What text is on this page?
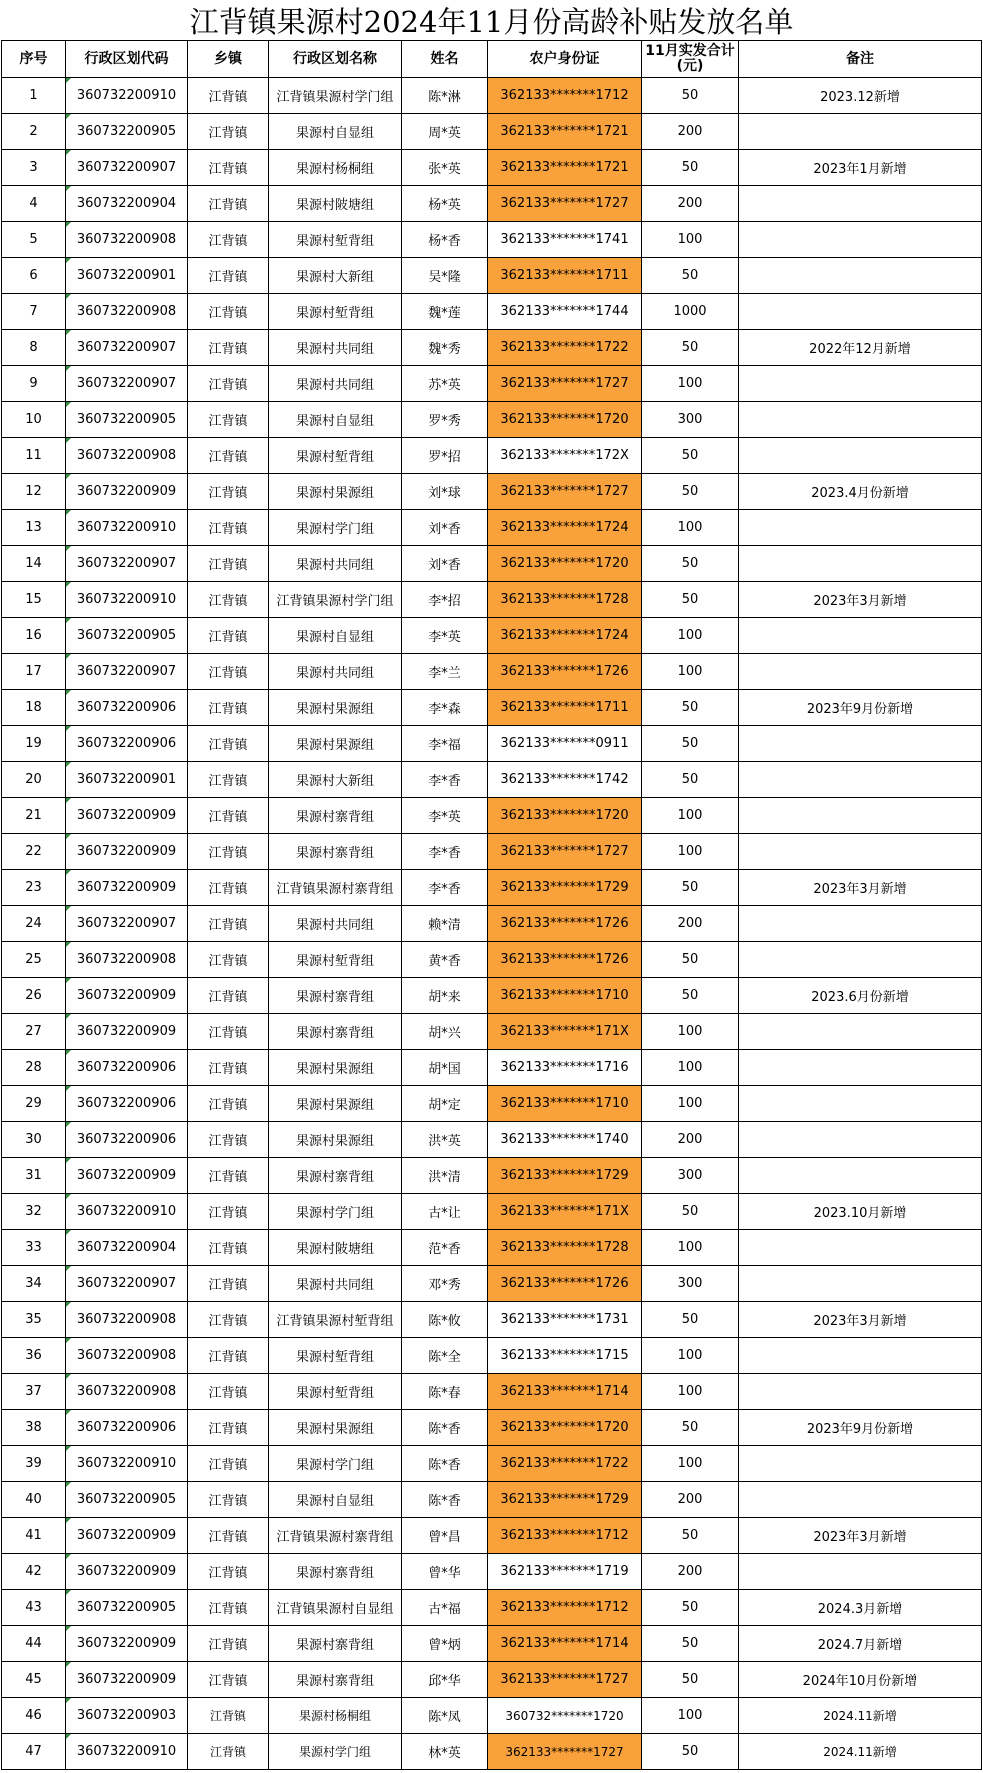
江背镇果源村2024年11月份高龄补贴发放名单
序号	行政区划代码	乡镇	行政区划名称	姓名	农户身份证	11月实发合计(元)	备注
1	360732200910	江背镇	江背镇果源村学门组	陈*淋	362133*******1712	50	2023.12新增
2	360732200905	江背镇	果源村自显组	周*英	362133*******1721	200	
3	360732200907	江背镇	果源村杨桐组	张*英	362133*******1721	50	2023年1月新增
4	360732200904	江背镇	果源村陂塘组	杨*英	362133*******1727	200	
5	360732200908	江背镇	果源村堑背组	杨*香	362133*******1741	100	
6	360732200901	江背镇	果源村大新组	吴*隆	362133*******1711	50	
7	360732200908	江背镇	果源村堑背组	魏*莲	362133*******1744	1000	
8	360732200907	江背镇	果源村共同组	魏*秀	362133*******1722	50	2022年12月新增
9	360732200907	江背镇	果源村共同组	苏*英	362133*******1727	100	
10	360732200905	江背镇	果源村自显组	罗*秀	362133*******1720	300	
11	360732200908	江背镇	果源村堑背组	罗*招	362133*******172X	50	
12	360732200909	江背镇	果源村果源组	刘*球	362133*******1727	50	2023.4月份新增
13	360732200910	江背镇	果源村学门组	刘*香	362133*******1724	100	
14	360732200907	江背镇	果源村共同组	刘*香	362133*******1720	50	
15	360732200910	江背镇	江背镇果源村学门组	李*招	362133*******1728	50	2023年3月新增
16	360732200905	江背镇	果源村自显组	李*英	362133*******1724	100	
17	360732200907	江背镇	果源村共同组	李*兰	362133*******1726	100	
18	360732200906	江背镇	果源村果源组	李*森	362133*******1711	50	2023年9月份新增
19	360732200906	江背镇	果源村果源组	李*福	362133*******0911	50	
20	360732200901	江背镇	果源村大新组	李*香	362133*******1742	50	
21	360732200909	江背镇	果源村寨背组	李*英	362133*******1720	100	
22	360732200909	江背镇	果源村寨背组	李*香	362133*******1727	100	
23	360732200909	江背镇	江背镇果源村寨背组	李*香	362133*******1729	50	2023年3月新增
24	360732200907	江背镇	果源村共同组	赖*清	362133*******1726	200	
25	360732200908	江背镇	果源村堑背组	黄*香	362133*******1726	50	
26	360732200909	江背镇	果源村寨背组	胡*来	362133*******1710	50	2023.6月份新增
27	360732200909	江背镇	果源村寨背组	胡*兴	362133*******171X	100	
28	360732200906	江背镇	果源村果源组	胡*国	362133*******1716	100	
29	360732200906	江背镇	果源村果源组	胡*定	362133*******1710	100	
30	360732200906	江背镇	果源村果源组	洪*英	362133*******1740	200	
31	360732200909	江背镇	果源村寨背组	洪*清	362133*******1729	300	
32	360732200910	江背镇	果源村学门组	古*让	362133*******171X	50	2023.10月新增
33	360732200904	江背镇	果源村陂塘组	范*香	362133*******1728	100	
34	360732200907	江背镇	果源村共同组	邓*秀	362133*******1726	300	
35	360732200908	江背镇	江背镇果源村堑背组	陈*攸	362133*******1731	50	2023年3月新增
36	360732200908	江背镇	果源村堑背组	陈*全	362133*******1715	100	
37	360732200908	江背镇	果源村堑背组	陈*春	362133*******1714	100	
38	360732200906	江背镇	果源村果源组	陈*香	362133*******1720	50	2023年9月份新增
39	360732200910	江背镇	果源村学门组	陈*香	362133*******1722	100	
40	360732200905	江背镇	果源村自显组	陈*香	362133*******1729	200	
41	360732200909	江背镇	江背镇果源村寨背组	曾*昌	362133*******1712	50	2023年3月新增
42	360732200909	江背镇	果源村寨背组	曾*华	362133*******1719	200	
43	360732200905	江背镇	江背镇果源村自显组	古*福	362133*******1712	50	2024.3月新增
44	360732200909	江背镇	果源村寨背组	曾*炳	362133*******1714	50	2024.7月新增
45	360732200909	江背镇	果源村寨背组	邱*华	362133*******1727	50	2024年10月份新增
46	360732200903	江背镇	果源村杨桐组	陈*凤	360732*******1720	100	2024.11新增
47	360732200910	江背镇	果源村学门组	林*英	362133*******1727	50	2024.11新增
